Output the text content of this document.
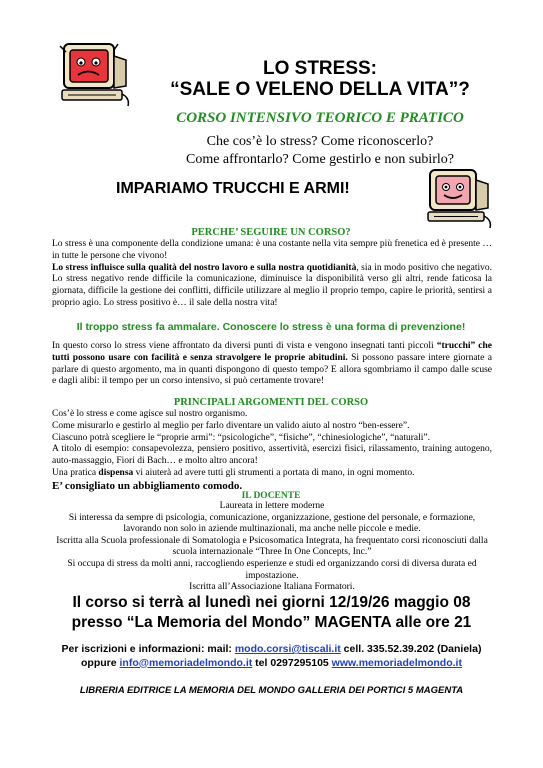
LO STRESS:
“SALE O VELENO DELLA VITA”?
CORSO INTENSIVO TEORICO E PRATICO
Che cos’è lo stress? Come riconoscerlo?
Come affrontarlo? Come gestirlo e non subirlo?
IMPARIAMO TRUCCHI E ARMI!
PERCHE’ SEGUIRE UN CORSO?

Lo stress è una componente della condizione umana: è una costante nella vita sempre più frenetica ed è presente … in tutte le persone che vivono!

Lo stress influisce sulla qualità del nostro lavoro e sulla nostra quotidianità, sia in modo positivo che negativo. Lo stress negativo rende difficile la comunicazione, diminuisce la disponibilità verso gli altri, rende faticosa la giornata, difficile la gestione dei conflitti, difficile utilizzare al meglio il proprio tempo, capire le priorità, sentirsi a proprio agio. Lo stress positivo è… il sale della nostra vita!

Il troppo stress fa ammalare. Conoscere lo stress è una forma di prevenzione!

In questo corso lo stress viene affrontato da diversi punti di vista e vengono insegnati tanti piccoli “trucchi” che tutti possono usare con facilità e senza stravolgere le proprie abitudini. Si possono passare intere giornate a parlare di questo argomento, ma in quanti dispongono di questo tempo? E allora sgombriamo il campo dalle scuse e dagli alibi: il tempo per un corso intensivo, si può certamente trovare!

PRINCIPALI ARGOMENTI DEL CORSO

Cos’è lo stress e come agisce sul nostro organismo.

Come misurarlo e gestirlo al meglio per farlo diventare un valido aiuto al nostro “ben-essere”.

Ciascuno potrà scegliere le “proprie armi”: “psicologiche”, “fisiche”, “chinesiologiche”, “naturali”.

A titolo di esempio: consapevolezza, pensiero positivo, assertività, esercizi fisici, rilassamento, training autogeno, auto-massaggio, Fiori di Bach… e molto altro ancora!

Una pratica dispensa vi aiuterà ad avere tutti gli strumenti a portata di mano, in ogni momento.

E’ consigliato un abbigliamento comodo.

IL DOCENTE

Laureata in lettere moderne

Si interessa da sempre di psicologia, comunicazione, organizzazione, gestione del personale, e formazione, lavorando non solo in aziende multinazionali, ma anche nelle piccole e medie.

Iscritta alla Scuola professionale di Somatologia e Psicosomatica Integrata, ha frequentato corsi riconosciuti dalla scuola internazionale “Three In One Concepts, Inc.”

Si occupa di stress da molti anni, raccogliendo esperienze e studi ed organizzando corsi di diversa durata ed impostazione.

Iscritta all’Associazione Italiana Formatori.

Il corso si terrà al lunedì nei giorni 12/19/26 maggio 08
presso “La Memoria del Mondo” MAGENTA alle ore 21
Per iscrizioni e informazioni: mail: modo.corsi@tiscali.it cell. 335.52.39.202 (Daniela)
oppure info@memoriadelmondo.it tel 0297295105 www.memoriadelmondo.it
LIBRERIA EDITRICE LA MEMORIA DEL MONDO GALLERIA DEI PORTICI 5 MAGENTA
